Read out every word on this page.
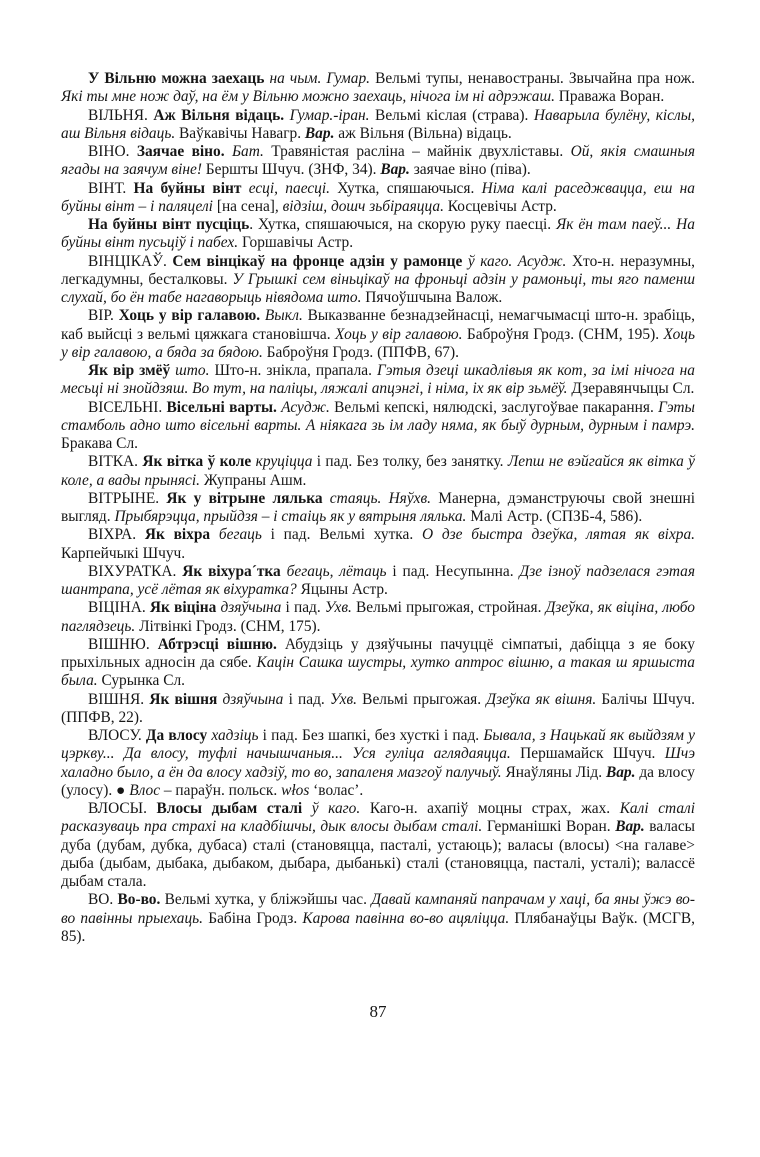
У Вільню можна заехаць на чым. Гумар. Вельмі тупы, ненавостраны. Звычайна пра нож. Які ты мне нож даў, на ём у Вільню можно заехаць, нічога ім ні адрэжаш. Праважа Воран.

ВІЛЬНЯ. Аж Вільня відаць. Гумар.-іран. Вельмі кіслая (страва). Наварыла булёну, кіслы, аш Вільня відаць. Ваўкавічы Навагр. Вар. аж Вільня (Вільна) відаць.

ВІНО. Заячае віно. Бат. Травяністая расліна – майнік двухліставы. Ой, якія смашныя ягады на заячум віне! Бершты Шчуч. (ЗНФ, 34). Вар. заячае віно (піва).

ВІНТ. На буйны вінт есці, паесці. Хутка, спяшаючыся. Німа калі раседжвацца, еш на буйны вінт – і паляцелі [на сена], відзіш, дошч зьбіраяцца. Косцевічы Астр.

На буйны вінт пусціць. Хутка, спяшаючыся, на скорую руку паесці. Як ён там паеў... На буйны вінт пусьціў і пабех. Горшавічы Астр.

ВІНЦІКАЎ. Сем вінцікаў на фронце адзін у рамонце ў каго. Асудж. Хто-н. неразумны, легкадумны, бесталковы. У Грышкі сем віньцікаў на фроньці адзін у рамоньці, ты яго паменш слухай, бо ён табе нагаворыць нівядома што. Пячоўшчына Валож.

ВІР. Хоць у вір галавою. Выкл. Выказванне безнадзейнасці, немагчымасці што-н. зрабіць, каб выйсці з вельмі цяжкага становішча. Хоць у вір галавою. Баброўня Гродз. (СНМ, 195). Хоць у вір галавою, а бяда за бядою. Баброўня Гродз. (ППФВ, 67).

Як вір змёў што. Што-н. знікла, прапала. Гэтыя дзеці шкадлівыя як кот, за імі нічога на месьці ні знойдзяш. Во тут, на паліцы, ляжалі апцэнгі, і німа, іх як вір зьмёў. Дзеравянчыцы Сл.

ВІСЕЛЬНІ. Вісельні варты. Асудж. Вельмі кепскі, нялюдскі, заслугоўвае пакарання. Гэты стамболь адно што вісельні варты. А ніякага зь ім ладу няма, як быў дурным, дурным і памрэ. Бракава Сл.

ВІТКА. Як вітка ў коле круціцца і пад. Без толку, без занятку. Лепш не вэйгайся як вітка ў коле, а вады прынясі. Жупраны Ашм.

ВІТРЫНЕ. Як у вітрыне лялька стаяць. Няўхв. Манерна, дэманструючы свой знешні выгляд. Прыбярэцца, прыйдзя – і стаіць як у вятрыня лялька. Малі Астр. (СПЗБ-4, 586).

ВІХРА. Як віхра бегаць і пад. Вельмі хутка. О дзе быстра дзеўка, лятая як віхра. Карпейчыкі Шчуч.

ВІХУРАТКА. Як віхура´тка бегаць, лётаць і пад. Несупынна. Дзе ізноў падзелася гэтая шантрапа, усё лётая як віхуратка? Яцыны Астр.

ВІЦІНА. Як віціна дзяўчына і пад. Ухв. Вельмі прыгожая, стройная. Дзеўка, як віціна, любо паглядзець. Літвінкі Гродз. (СНМ, 175).

ВІШНЮ. Абтрэсці вішню. Абудзіць у дзяўчыны пачуццё сімпатыі, дабіцца з яе боку прыхільных адносін да сябе. Кацін Сашка шустры, хутко аптрос вішню, а такая ш яршыста была. Сурынка Сл.

ВІШНЯ. Як вішня дзяўчына і пад. Ухв. Вельмі прыгожая. Дзеўка як вішня. Балічы Шчуч. (ППФВ, 22).

ВЛОСУ. Да влосу хадзіць і пад. Без шапкі, без хусткі і пад. Бывала, з Нацькай як выйдзям у цэркву... Да влосу, туфлі начышчаныя... Уся гуліца аглядаяцца. Першамайск Шчуч. Шчэ халадно было, а ён да влосу хадзіў, то во, запаленя мазгоў палучыў. Янаўляны Лід. Вар. да влосу (улосу). ● Влос – параўн. польск. włos ‘волас’.

ВЛОСЫ. Влосы дыбам сталі ў каго. Каго-н. ахапіў моцны страх, жах. Калі сталі расказуваць пра страхі на кладбішчы, дык влосы дыбам сталі. Германішкі Воран. Вар. валасы дуба (дубам, дубка, дубаса) сталі (становяцца, пасталі, устаюць); валасы (влосы) <на галаве> дыба (дыбам, дыбака, дыбаком, дыбара, дыбанькі) сталі (становяцца, пасталі, усталі); валассё дыбам стала.

ВО. Во-во. Вельмі хутка, у бліжэйшы час. Давай кампаняй папрачам у хаці, ба яны ўжэ во-во павінны прыехаць. Бабіна Гродз. Карова павінна во-во ацяліцца. Плябанаўцы Ваўк. (МСГВ, 85).

87
